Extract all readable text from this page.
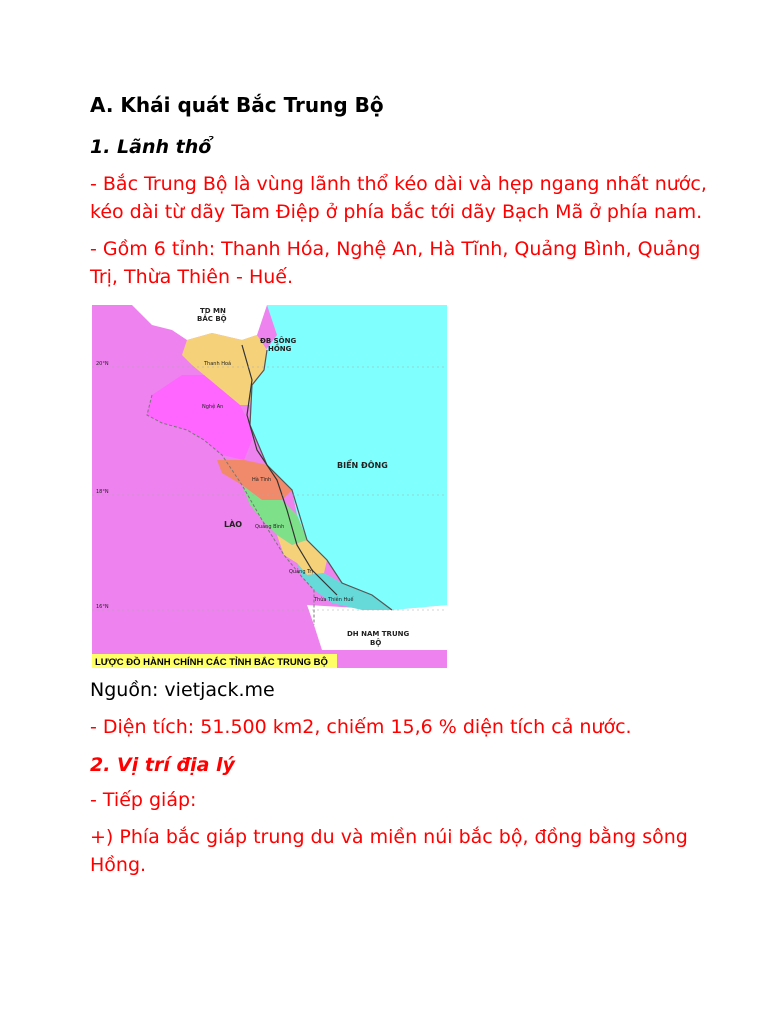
A. Khái quát Bắc Trung Bộ
1. Lãnh thổ

- Bắc Trung Bộ là vùng lãnh thổ kéo dài và hẹp ngang nhất nước, kéo dài từ dãy Tam Điệp ở phía bắc tới dãy Bạch Mã ở phía nam.

- Gồm 6 tỉnh: Thanh Hóa, Nghệ An, Hà Tĩnh, Quảng Bình, Quảng Trị, Thừa Thiên - Huế.

20°N
18°N
16°N
TD MN
BẮC BỘ
ĐB SÔNG
HỒNG
Thanh Hoá
Nghệ An
Hà Tĩnh
Quảng Bình
Quảng Trị
Thừa Thiên Huế
BIỂN ĐÔNG
LÀO
DH NAM TRUNG
BỘ
LƯỢC ĐỒ HÀNH CHÍNH CÁC TỈNH BẮC TRUNG BỘ

Nguồn: vietjack.me

- Diện tích: 51.500 km2, chiếm 15,6 % diện tích cả nước.

2. Vị trí địa lý

- Tiếp giáp:

+) Phía bắc giáp trung du và miền núi bắc bộ, đồng bằng sông Hồng.
